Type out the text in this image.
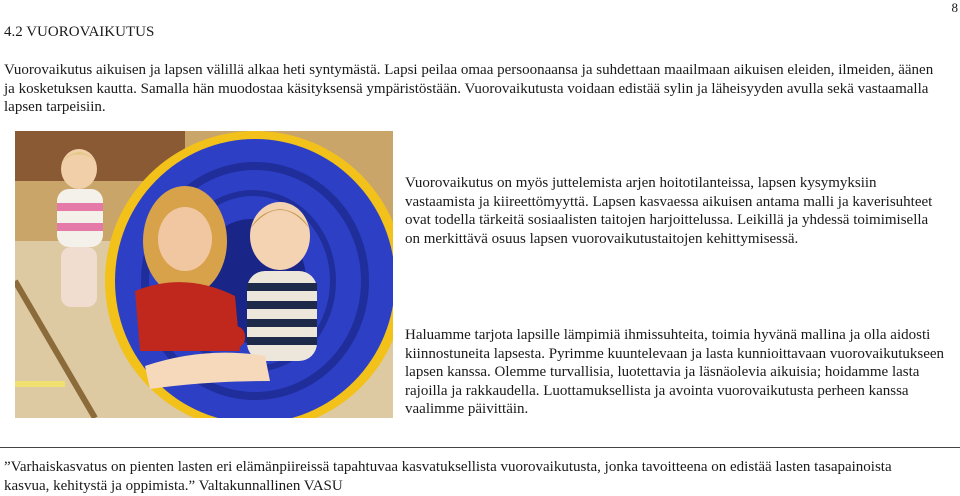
8
4.2 VUOROVAIKUTUS

Vuorovaikutus aikuisen ja lapsen välillä alkaa heti syntymästä. Lapsi peilaa omaa persoonaansa ja suhdettaan maailmaan aikuisen eleiden, ilmeiden, äänen ja kosketuksen kautta. Samalla hän muodostaa käsityksensä ympäristöstään. Vuorovaikutusta voidaan edistää sylin ja läheisyyden avulla sekä vastaamalla lapsen tarpeisiin.

Vuorovaikutus on myös juttelemista arjen hoitotilanteissa, lapsen kysymyksiin vastaamista ja kiireettömyyttä. Lapsen kasvaessa aikuisen antama malli ja kaverisuhteet ovat todella tärkeitä sosiaalisten taitojen harjoittelussa. Leikillä ja yhdessä toimimisella on merkittävä osuus lapsen vuorovaikutustaitojen kehittymisessä.

Haluamme tarjota lapsille lämpimiä ihmissuhteita, toimia hyvänä mallina ja olla aidosti kiinnostuneita lapsesta. Pyrimme kuuntelevaan ja lasta kunnioittavaan vuorovaikutukseen lapsen kanssa. Olemme turvallisia, luotettavia ja läsnäolevia aikuisia; hoidamme lasta rajoilla ja rakkaudella. Luottamuksellista ja avointa vuorovaikutusta perheen kanssa vaalimme päivittäin.

”Varhaiskasvatus on pienten lasten eri elämänpiireissä tapahtuvaa kasvatuksellista vuorovaikutusta, jonka tavoitteena on edistää lasten tasapainoista kasvua, kehitystä ja oppimista.” Valtakunnallinen VASU
